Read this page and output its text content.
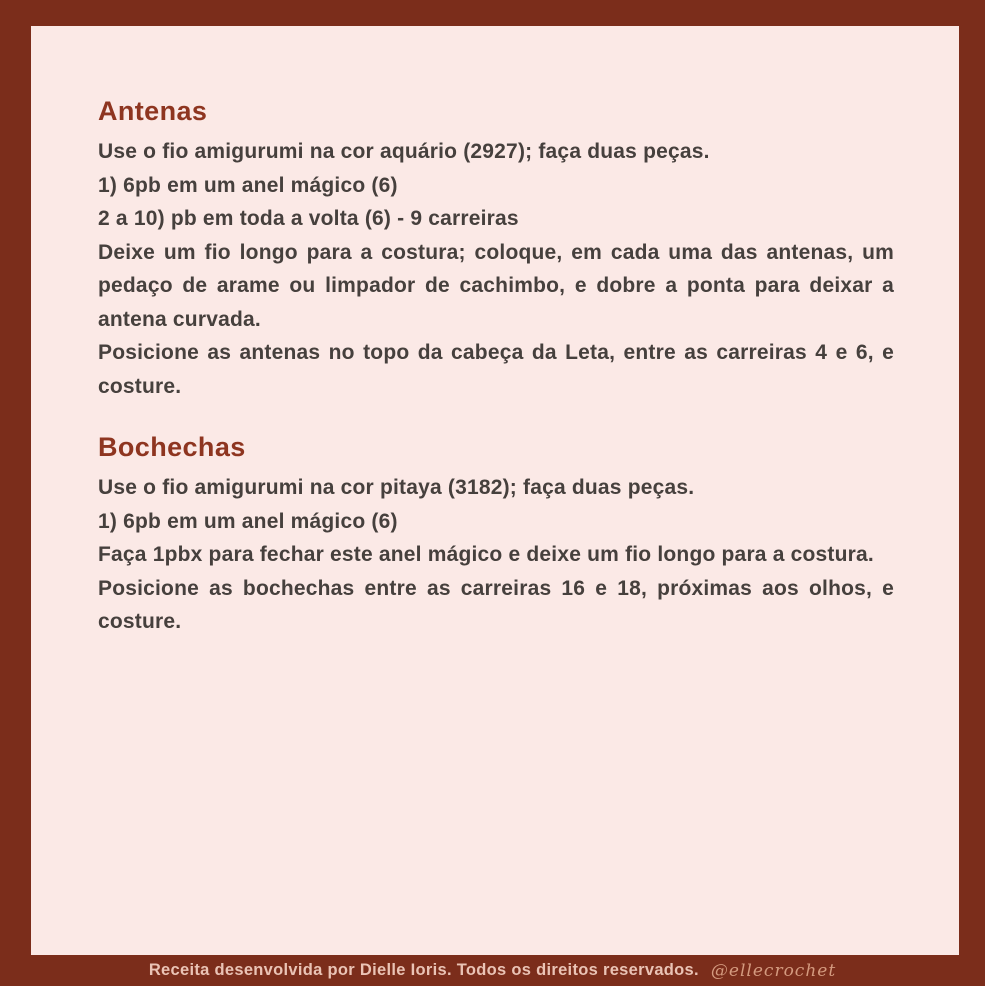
Antenas

Use o fio amigurumi na cor aquário (2927); faça duas peças.

1) 6pb em um anel mágico (6)

2 a 10) pb em toda a volta (6) - 9 carreiras

Deixe um fio longo para a costura; coloque, em cada uma das antenas, um pedaço de arame ou limpador de cachimbo, e dobre a ponta para deixar a antena curvada.

Posicione as antenas no topo da cabeça da Leta, entre as carreiras 4 e 6, e costure.

Bochechas

Use o fio amigurumi na cor pitaya (3182); faça duas peças.

1) 6pb em um anel mágico (6)

Faça 1pbx para fechar este anel mágico e deixe um fio longo para a costura.

Posicione as bochechas entre as carreiras 16 e 18, próximas aos olhos, e costure.

Receita desenvolvida por Dielle Ioris. Todos os direitos reservados. @ellecrochet
